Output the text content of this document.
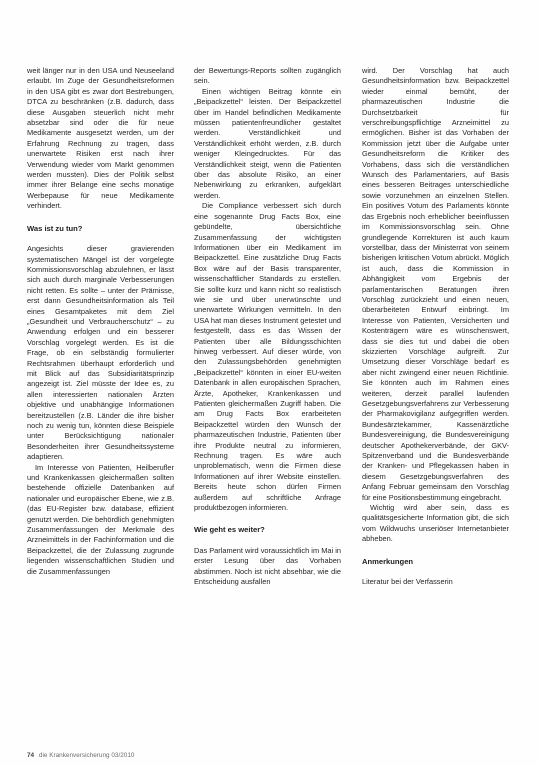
weit länger nur in den USA und Neuseeland erlaubt. Im Zuge der Gesundheitsreformen in den USA gibt es zwar dort Bestrebungen, DTCA zu beschränken (z.B. dadurch, dass diese Ausgaben steuerlich nicht mehr absetzbar sind oder die für neue Medikamente ausgesetzt werden, um der Erfahrung Rechnung zu tragen, dass unerwartete Risiken erst nach ihrer Verwendung wieder vom Markt genommen werden mussten). Dies der Politik selbst immer ihrer Belange eine sechs monatige Werbepause für neue Medikamente verhindert.

Was ist zu tun?

Angesichts dieser gravierenden systematischen Mängel ist der vorgelegte Kommissionsvorschlag abzulehnen, er lässt sich auch durch marginale Verbesserungen nicht retten. Es sollte – unter der Prämisse, erst dann Gesundheitsinformation als Teil eines Gesamtpaketes mit dem Ziel „Gesundheit und Verbraucherschutz“ – zu Anwendung erfolgen und ein besserer Vorschlag vorgelegt werden. Es ist die Frage, ob ein selbständig formulierter Rechtsrahmen überhaupt erforderlich und mit Blick auf das Subsidiaritätsprinzip angezeigt ist. Ziel müsste der Idee es, zu allen interessierten nationalen Ärzten objektive und unabhängige Informationen bereitzustellen (z.B. Länder die ihre bisher noch zu wenig tun, könnten diese Beispiele unter Berücksichtigung nationaler Besonderheiten ihrer Gesundheitssysteme adaptieren.

Im Interesse von Patienten, Heilberufler und Krankenkassen gleichermaßen sollten bestehende offizielle Datenbanken auf nationaler und europäischer Ebene, wie z.B. (das EU-Register bzw. database, effizient genutzt werden. Die behördlich genehmigten Zusammenfassungen der Merkmale des Arzneimittels in der Fachinformation und die Beipackzettel, die der Zulassung zugrunde liegenden wissenschaftlichen Studien und die Zusammenfassungen

der Bewertungs-Reports sollten zugänglich sein.

Einen wichtigen Beitrag könnte ein „Beipackzettel“ leisten. Der Beipackzettel über im Handel befindlichen Medikamente müssen patientenfreundlicher gestaltet werden. Verständlichkeit und Verständlichkeit erhöht werden, z.B. durch weniger Kleingedrucktes. Für das Verständlichkeit steigt, wenn die Patienten über das absolute Risiko, an einer Nebenwirkung zu erkranken, aufgeklärt werden.

Die Compliance verbessert sich durch eine sogenannte Drug Facts Box, eine gebündelte, übersichtliche Zusammenfassung der wichtigsten Informationen über ein Medikament im Beipackzettel. Eine zusätzliche Drug Facts Box wäre auf der Basis transparenter, wissenschaftlicher Standards zu erstellen. Sie sollte kurz und kann nicht so realistisch wie sie und über unerwünschte und unerwartete Wirkungen vermitteln. In den USA hat man dieses Instrument getestet und festgestellt, dass es das Wissen der Patienten über alle Bildungsschichten hinweg verbessert. Auf dieser würde, von den Zulassungsbehörden genehmigten „Beipackzettel“ könnten in einer EU-weiten Datenbank in allen europäischen Sprachen, Ärzte, Apotheker, Krankenkassen und Patienten gleichermaßen Zugriff haben. Die am Drug Facts Box erarbeiteten Beipackzettel würden den Wunsch der pharmazeutischen Industrie, Patienten über ihre Produkte neutral zu informieren, Rechnung tragen. Es wäre auch unproblematisch, wenn die Firmen diese Informationen auf ihrer Website einstellen. Bereits heute schon dürfen Firmen außerdem auf schriftliche Anfrage produktbezogen informieren.

Wie geht es weiter?

Das Parlament wird voraussichtlich im Mai in erster Lesung über das Vorhaben abstimmen. Noch ist nicht absehbar, wie die Entscheidung ausfallen

wird. Der Vorschlag hat auch Gesundheitsinformation bzw. Beipackzettel wieder einmal bemüht, der pharmazeutischen Industrie die Durchsetzbarkeit für verschreibungspflichtige Arzneimittel zu ermöglichen. Bisher ist das Vorhaben der Kommission jetzt über die Aufgabe unter Gesundheitsreform die Kritiker des Vorhabens, dass sich die verständlichen Wunsch des Parlamentariers, auf Basis eines besseren Beitrages unterschiedliche sowie vorzunehmen an einzelnen Stellen. Ein positives Votum des Parlaments könnte das Ergebnis noch erheblicher beeinflussen im Kommissionsvorschlag sein. Ohne grundlegende Korrekturen ist auch kaum vorstellbar, dass der Ministerrat von seinem bisherigen kritischen Votum abrückt. Möglich ist auch, dass die Kommission in Abhängigkeit vom Ergebnis der parlamentarischen Beratungen ihren Vorschlag zurückzieht und einen neuen, überarbeiteten Entwurf einbringt. Im Interesse von Patienten, Versicherten und Kostenträgern wäre es wünschenswert, dass sie dies tut und dabei die oben skizzierten Vorschläge aufgreift. Zur Umsetzung dieser Vorschläge bedarf es aber nicht zwingend einer neuen Richtlinie. Sie könnten auch im Rahmen eines weiteren, derzeit parallel laufenden Gesetzgebungsverfahrens zur Verbesserung der Pharmakovigilanz aufgegriffen werden. Bundesärztekammer, Kassenärztliche Bundesvereinigung, die Bundesvereinigung deutscher Apothekerverbände, der GKV-Spitzenverband und die Bundesverbände der Kranken- und Pflegekassen haben in diesem Gesetzgebungsverfahren des Anfang Februar gemeinsam den Vorschlag für eine Positionsbestimmung eingebracht.

Wichtig wird aber sein, dass es qualitätsgesicherte Information gibt, die sich vom Wildwuchs unseriöser Internetanbieter abheben.

Anmerkungen

Literatur bei der Verfasserin

74 die Krankenversicherung 03/2010
